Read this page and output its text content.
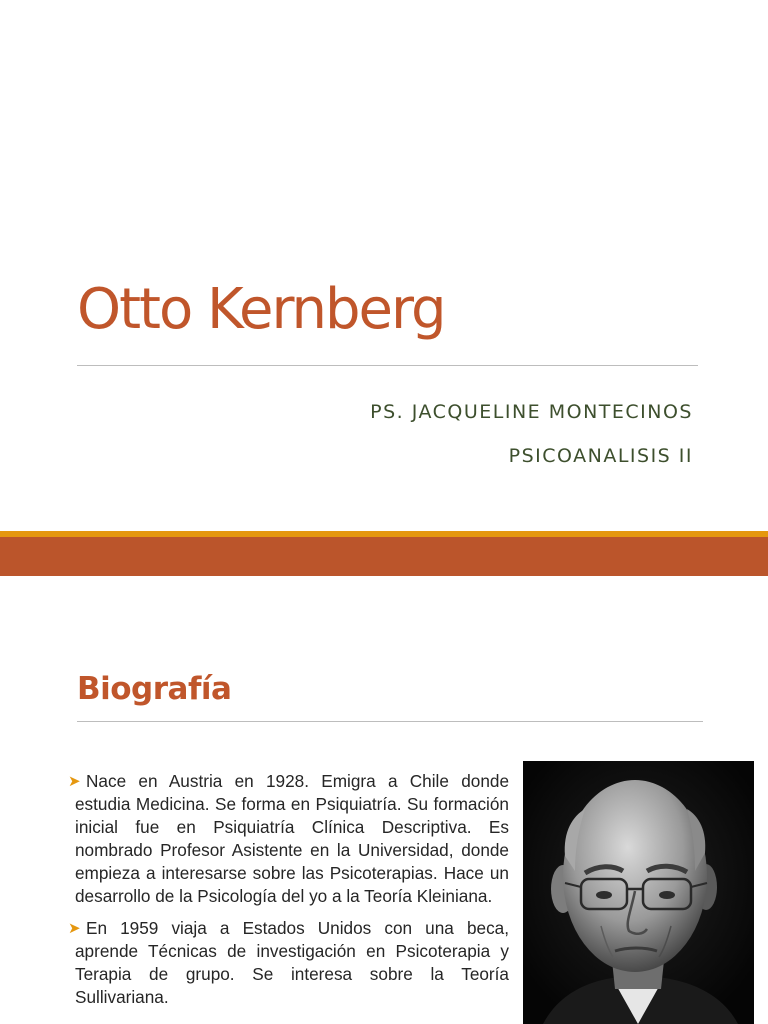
Otto Kernberg

PS. JACQUELINE MONTECINOS

PSICOANALISIS II

Biografía

➤ Nace en Austria en 1928. Emigra a Chile donde estudia Medicina. Se forma en Psiquiatría. Su formación inicial fue en Psiquiatría Clínica Descriptiva. Es nombrado Profesor Asistente en la Universidad, donde empieza a interesarse sobre las Psicoterapias. Hace un desarrollo de la Psicología del yo a la Teoría Kleiniana.

➤ En 1959 viaja a Estados Unidos con una beca, aprende Técnicas de investigación en Psicoterapia y Terapia de grupo. Se interesa sobre la Teoría Sullivariana.
